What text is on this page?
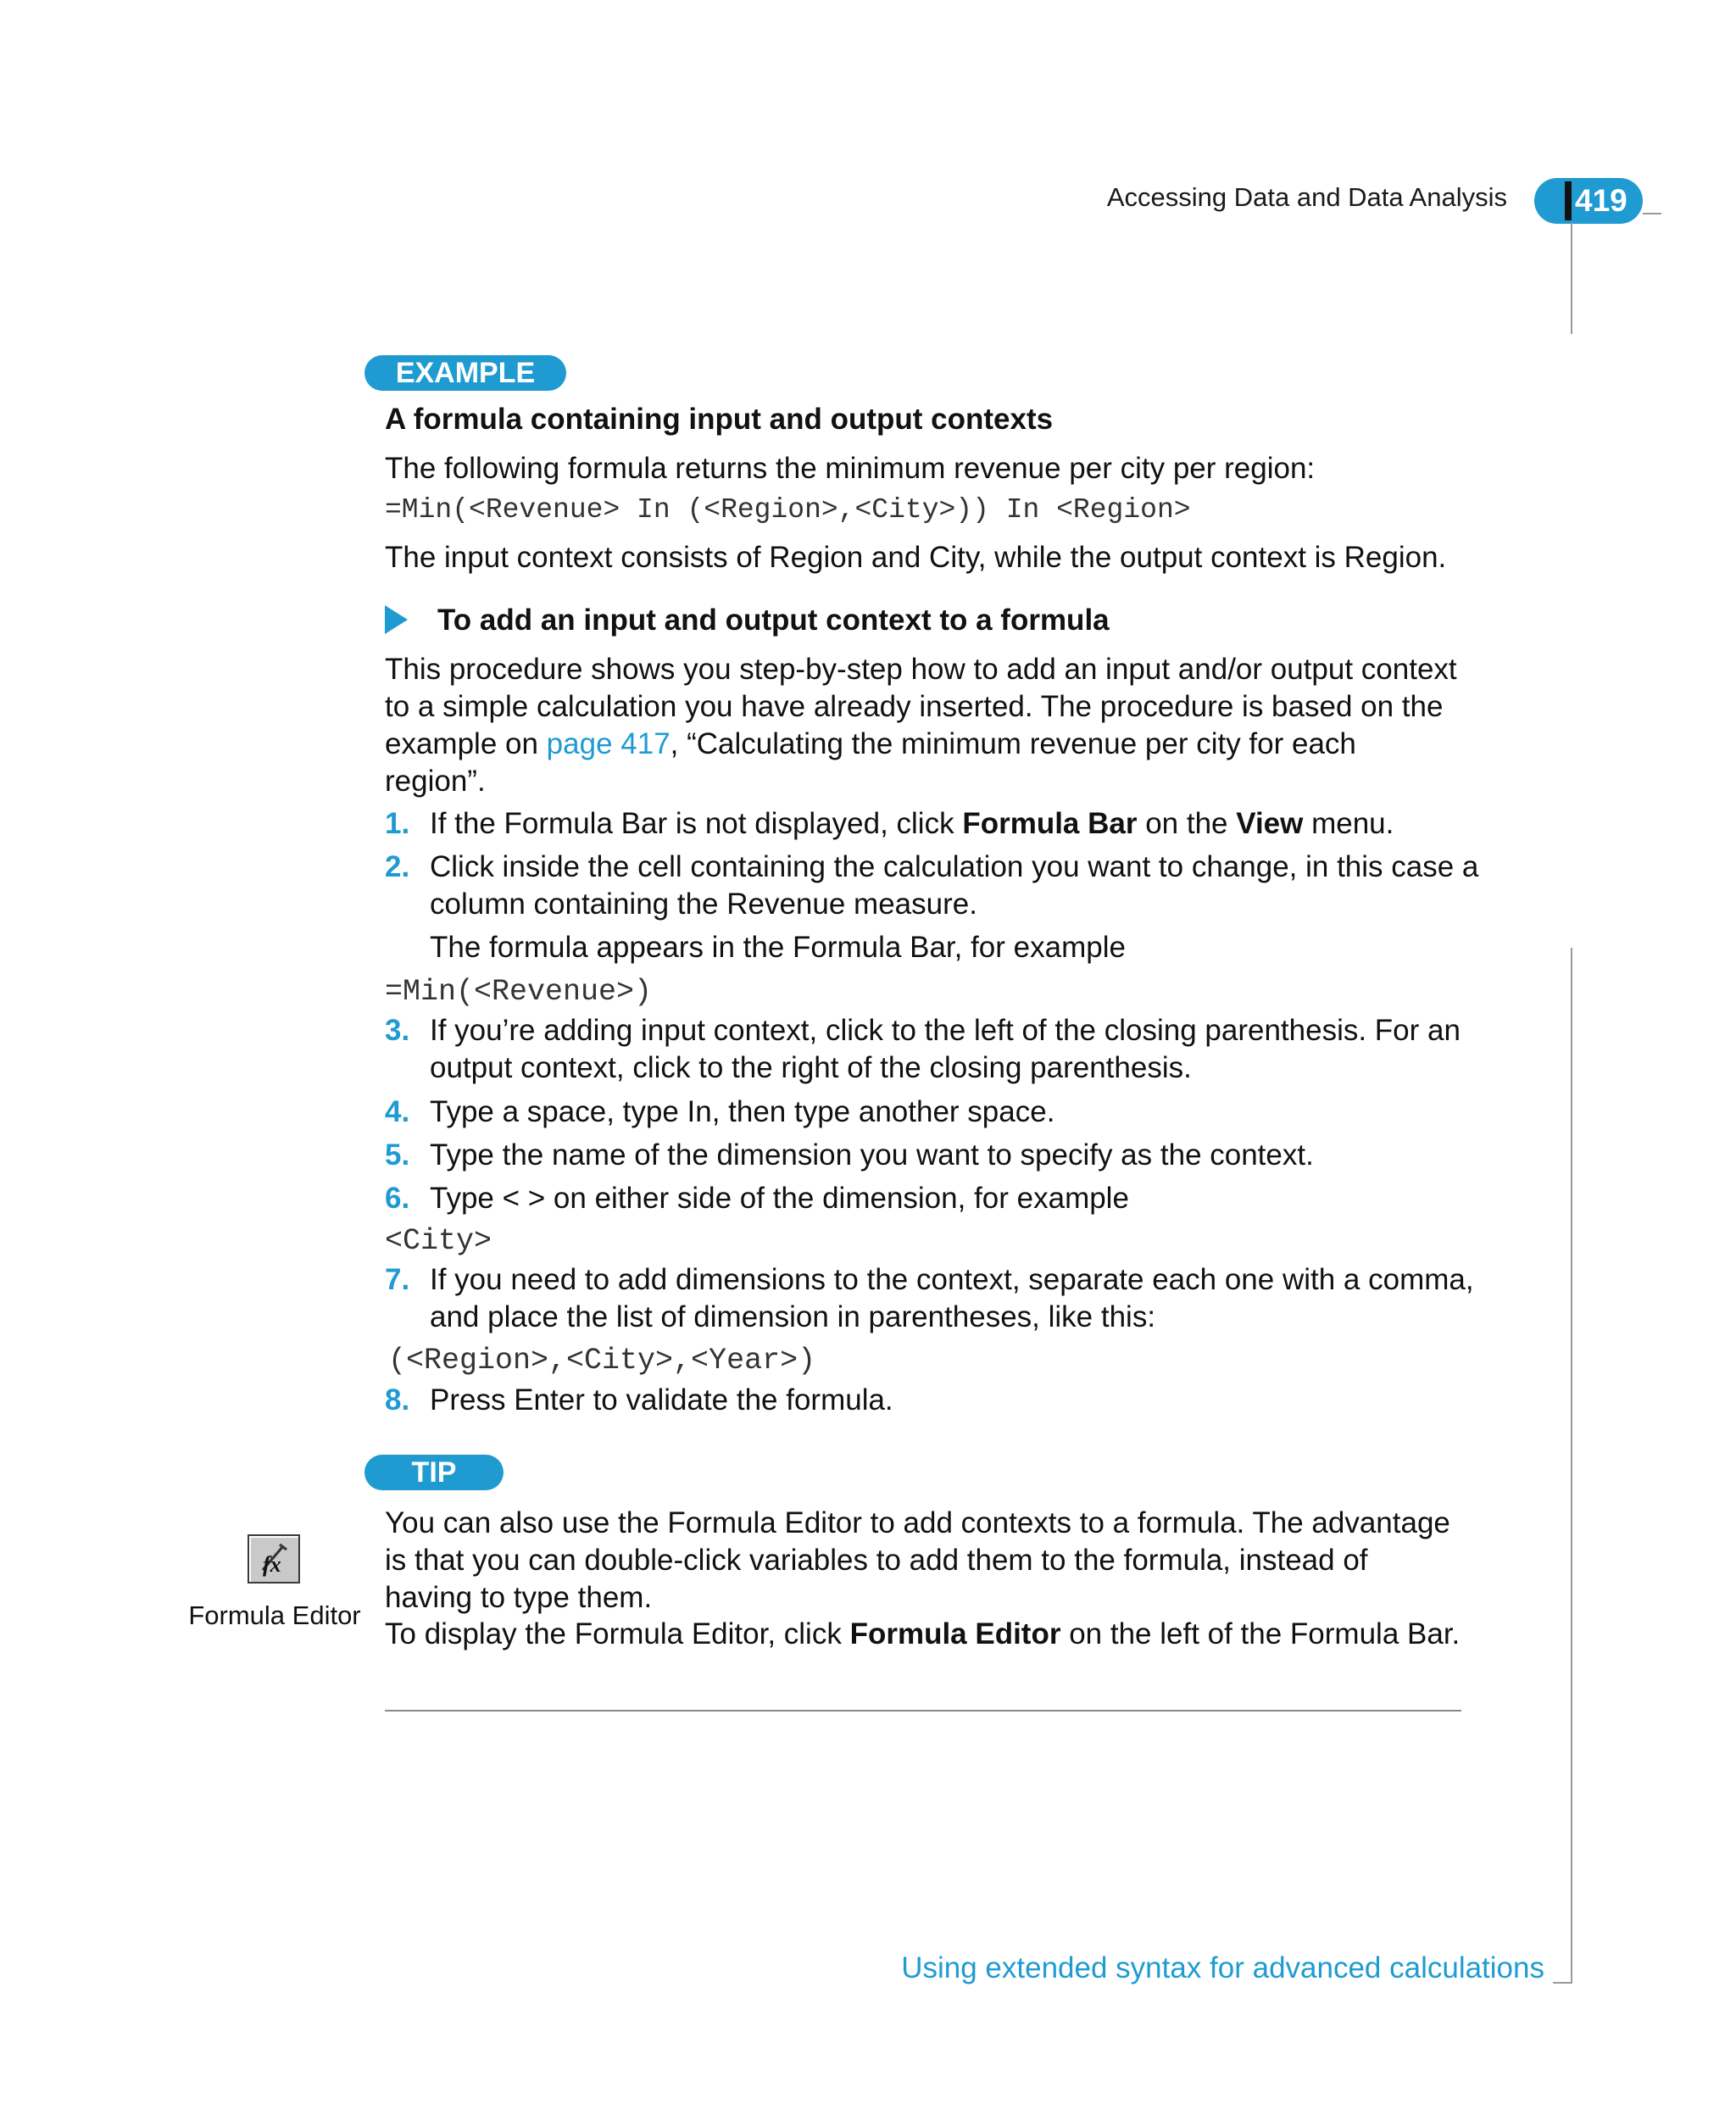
Accessing Data and Data Analysis 419
EXAMPLE
A formula containing input and output contexts
The following formula returns the minimum revenue per city per region:
=Min(<Revenue> In (<Region>,<City>)) In <Region>
The input context consists of Region and City, while the output context is Region.
To add an input and output context to a formula
This procedure shows you step-by-step how to add an input and/or output context to a simple calculation you have already inserted. The procedure is based on the example on page 417, “Calculating the minimum revenue per city for each region”.
1. If the Formula Bar is not displayed, click Formula Bar on the View menu.
2. Click inside the cell containing the calculation you want to change, in this case a column containing the Revenue measure.
The formula appears in the Formula Bar, for example
=Min(<Revenue>)
3. If you’re adding input context, click to the left of the closing parenthesis. For an output context, click to the right of the closing parenthesis.
4. Type a space, type In, then type another space.
5. Type the name of the dimension you want to specify as the context.
6. Type < > on either side of the dimension, for example
<City>
7. If you need to add dimensions to the context, separate each one with a comma, and place the list of dimension in parentheses, like this:
(<Region>,<City>,<Year>)
8. Press Enter to validate the formula.
TIP
fx
Formula Editor
You can also use the Formula Editor to add contexts to a formula. The advantage is that you can double-click variables to add them to the formula, instead of having to type them.
To display the Formula Editor, click Formula Editor on the left of the Formula Bar.
Using extended syntax for advanced calculations
